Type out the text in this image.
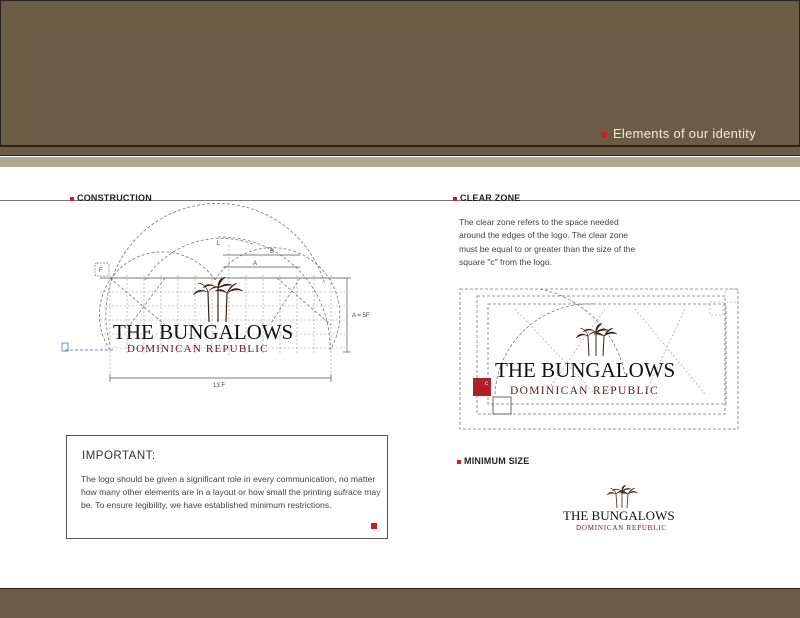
Elements of our identity
CONSTRUCTION
F
L
B
A
A = 5F
13 F
THE BUNGALOWS
DOMINICAN REPUBLIC
IMPORTANT:
The logo should be given a significant role in every communication, no matter how many other elements are in a layout or how small the printing sufrace may be. To ensure legibility, we have established minimum restrictions.
CLEAR ZONE
The clear zone refers to the space needed around the edges of the logo. The clear zone must be equal to or greater than the size of the square "c" from the logo.
c
THE BUNGALOWS
DOMINICAN REPUBLIC
MINIMUM SIZE
THE BUNGALOWS
DOMINICAN REPUBLIC
